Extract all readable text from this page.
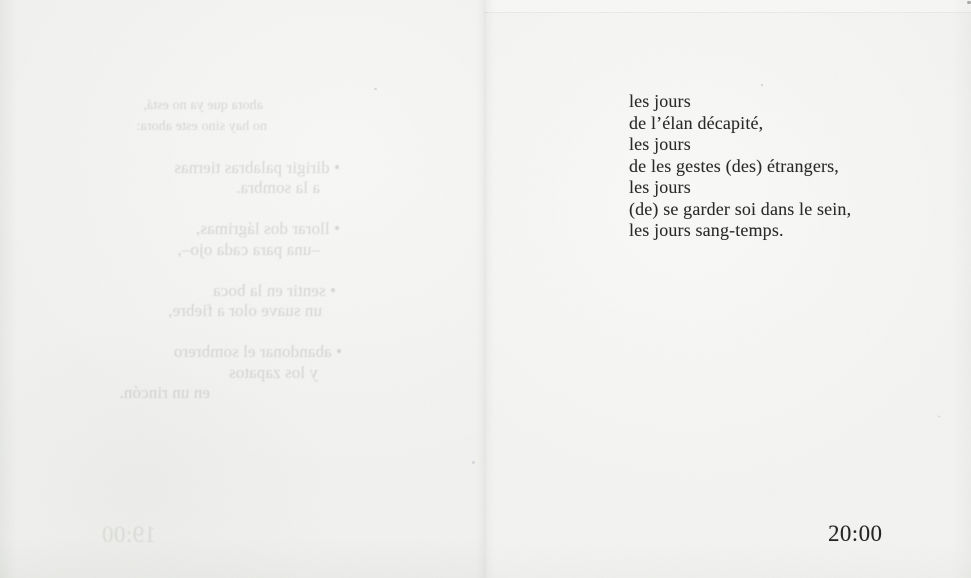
ahora que ya no está,
no hay sino este ahora:
• dirigir palabras tiernas
a la sombra.
• llorar dos lágrimas,
–una para cada ojo–,
• sentir en la boca
un suave olor a fiebre,
• abandonar el sombrero
y los zapatos
en un rincón.
19:00
les jours
de l’élan décapité,
les jours
de les gestes (des) étrangers,
les jours
(de) se garder soi dans le sein,
les jours sang-temps.
20:00
